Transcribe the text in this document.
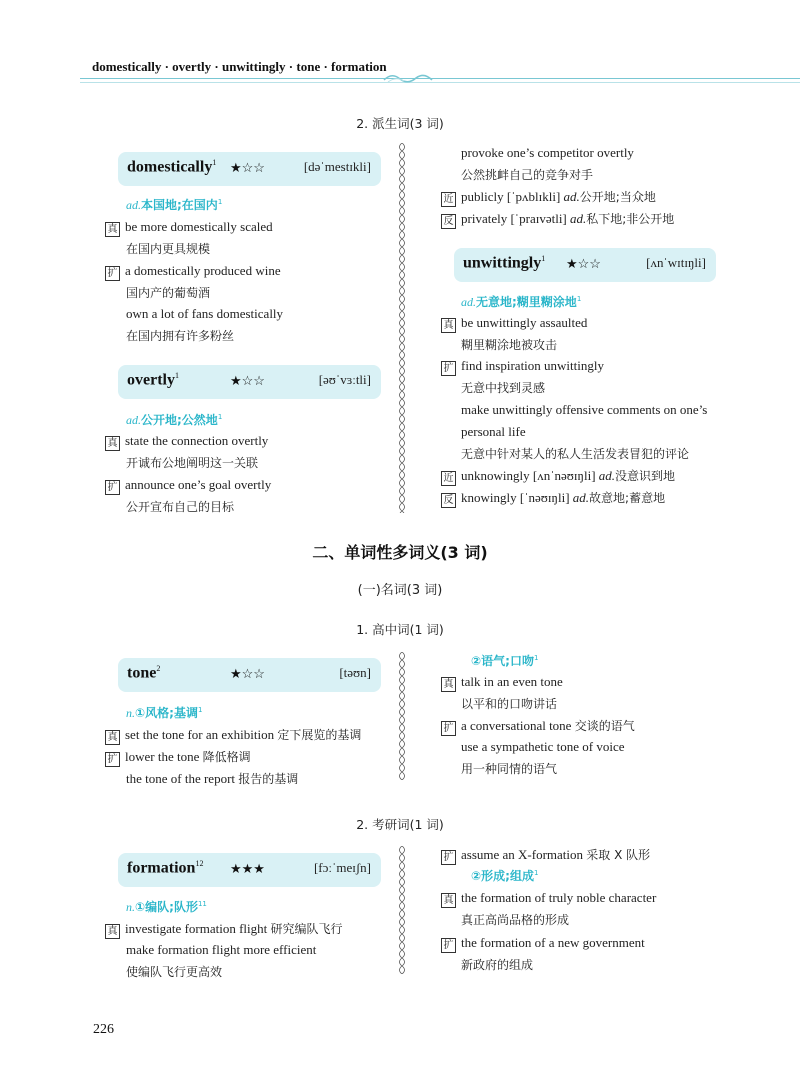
domestically · overtly · unwittingly · tone · formation
2. 派生词(3 词)
domestically$^1$ ★☆☆	[dəˈmestɪkli]
ad.本国地;在国内$^1$
真 be more domestically scaled
在国内更具规模
扩 a domestically produced wine
国内产的葡萄酒
own a lot of fans domestically
在国内拥有许多粉丝
overtly$^1$	★☆☆	[əʊˈvɜːtli]
ad.公开地;公然地$^1$
真 state the connection overtly
开诚布公地阐明这一关联
扩 announce one’s goal overtly
公开宣布自己的目标
provoke one’s competitor overtly
公然挑衅自己的竞争对手
近 publicly [ˈpʌblɪkli] ad.公开地;当众地
反 privately [ˈpraɪvətli] ad.私下地;非公开地
unwittingly$^1$ ★☆☆	[ʌnˈwɪtɪŋli]
ad.无意地;糊里糊涂地$^1$
真 be unwittingly assaulted
糊里糊涂地被攻击
扩 find inspiration unwittingly
无意中找到灵感
make unwittingly offensive comments on one’s
personal life
无意中针对某人的私人生活发表冒犯的评论
近 unknowingly [ʌnˈnəʊɪŋli] ad.没意识到地
反 knowingly [ˈnəʊɪŋli] ad.故意地;蓄意地
二、单词性多词义(3 词)
(一)名词(3 词)
1. 高中词(1 词)
tone$^2$	★☆☆	[təʊn]
n.①风格;基调$^1$
真 set the tone for an exhibition 定下展览的基调
扩 lower the tone 降低格调
the tone of the report 报告的基调
②语气;口吻$^1$
真 talk in an even tone
以平和的口吻讲话
扩 a conversational tone 交谈的语气
use a sympathetic tone of voice
用一种同情的语气
2. 考研词(1 词)
formation$^{12}$ ★★★	[fɔːˈmeɪʃn]
n.①编队;队形$^{11}$
真 investigate formation flight 研究编队飞行
make formation flight more efficient
使编队飞行更高效
扩 assume an X-formation 采取 X 队形
②形成;组成$^1$
真 the formation of truly noble character
真正高尚品格的形成
扩 the formation of a new government
新政府的组成
226
